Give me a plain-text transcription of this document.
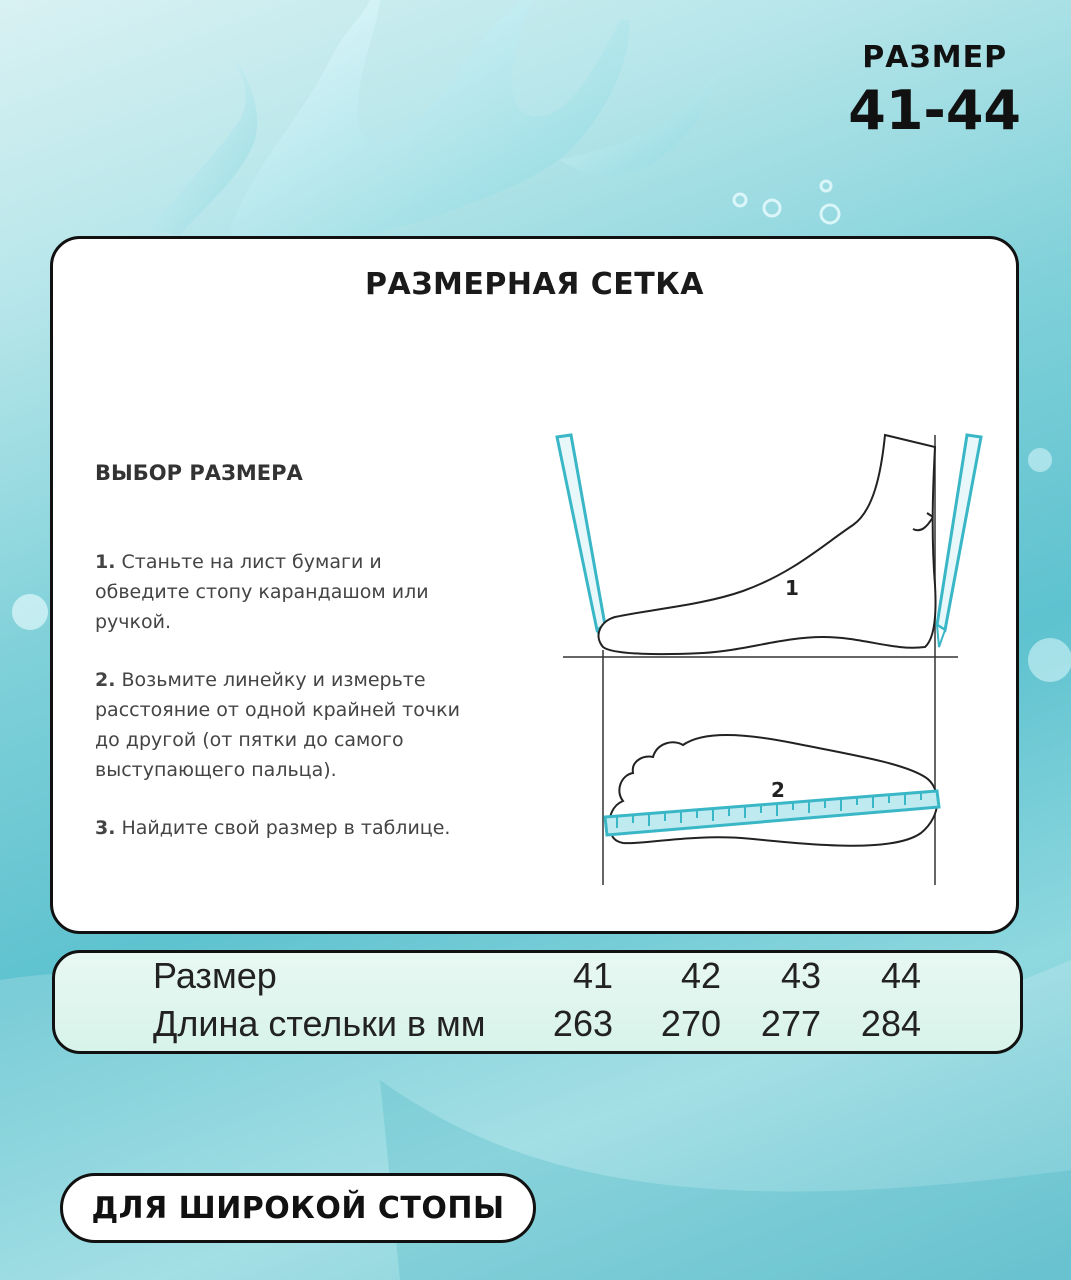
РАЗМЕР
41-44
РАЗМЕРНАЯ СЕТКА
ВЫБОР РАЗМЕРА
1. Станьте на лист бумаги и
обведите стопу карандашом или
ручкой.
2. Возьмите линейку и измерьте
расстояние от одной крайней точки
до другой (от пятки до самого
выступающего пальца).
3. Найдите свой размер в таблице.
1
2
Размер	41	42	43	44
Длина стельки в мм	263	270	277	284
ДЛЯ ШИРОКОЙ СТОПЫ
